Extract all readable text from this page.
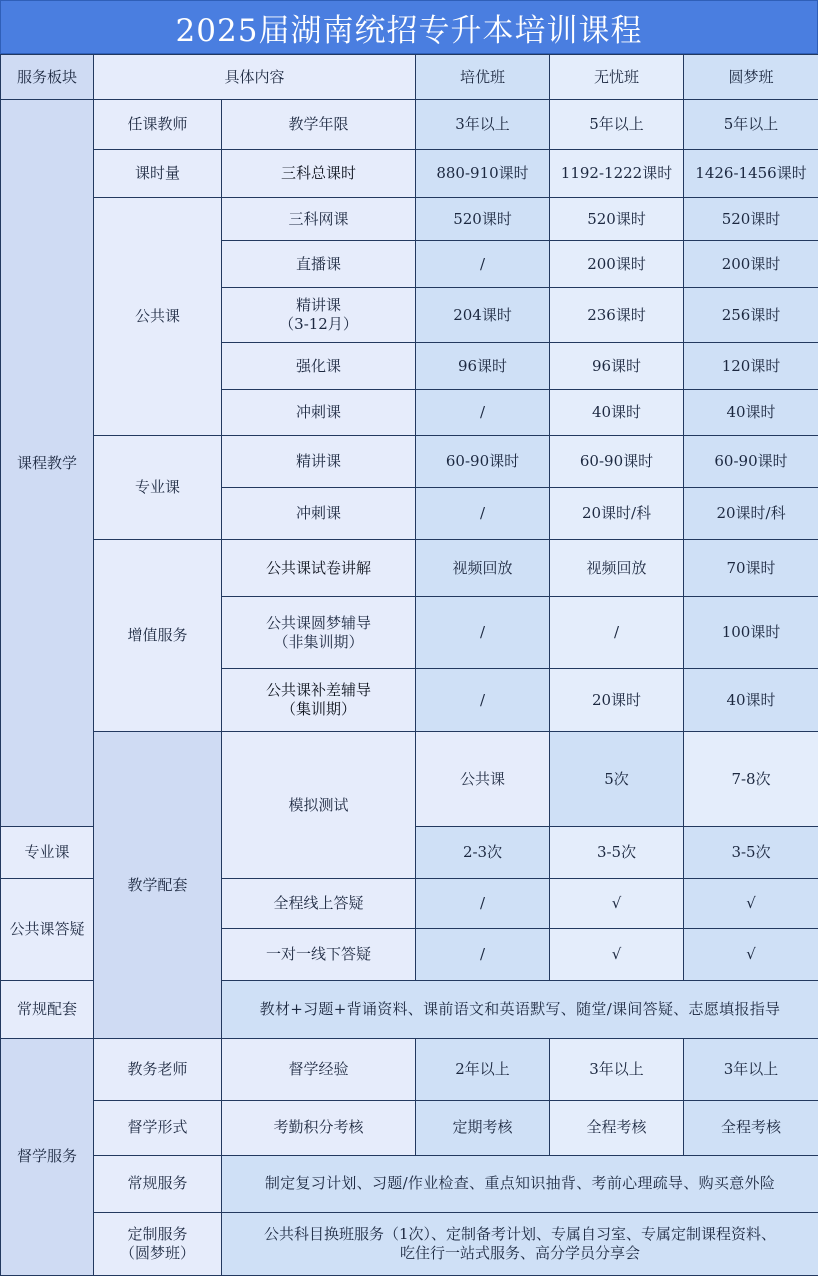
2025届湖南统招专升本培训课程
服务板块	具体内容		培优班	无忧班	圆梦班	
课程教学	任课教师	教学年限	3年以上	5年以上	5年以上	
	课时量	三科总课时	880-910课时	1192-1222课时	1426-1456课时	
	公共课	三科网课	520课时	520课时	520课时	
		直播课	/	200课时	200课时	

		精讲课
（3-12月）	204课时	236课时	256课时	
		强化课	96课时	96课时	120课时	
		冲刺课	/	40课时	40课时	
	专业课	精讲课	60-90课时	60-90课时	60-90课时	
		冲刺课	/	20课时/科	20课时/科	
	增值服务	公共课试卷讲解	视频回放	视频回放	70课时	

		公共课圆梦辅导
（非集训期）	/	/	100课时	

		公共课补差辅导
（集训期）	/	20课时	40课时	
	教学配套	模拟测试	公共课	5次	7-8次	
专业课			2-3次	3-5次	3-5次	
公共课答疑		全程线上答疑	/	√	√	
		一对一线下答疑	/	√	√	
常规配套		教材+习题+背诵资料、课前语文和英语默写、随堂/课间答疑、志愿填报指导				
督学服务	教务老师	督学经验	2年以上	3年以上	3年以上	
	督学形式	考勤积分考核	定期考核	全程考核	全程考核	
	常规服务	制定复习计划、习题/作业检查、重点知识抽背、考前心理疏导、购买意外险				

	定制服务
（圆梦班）	公共科目换班服务（1次）、定制备考计划、专属自习室、专属定制课程资料、
吃住行一站式服务、高分学员分享会				
